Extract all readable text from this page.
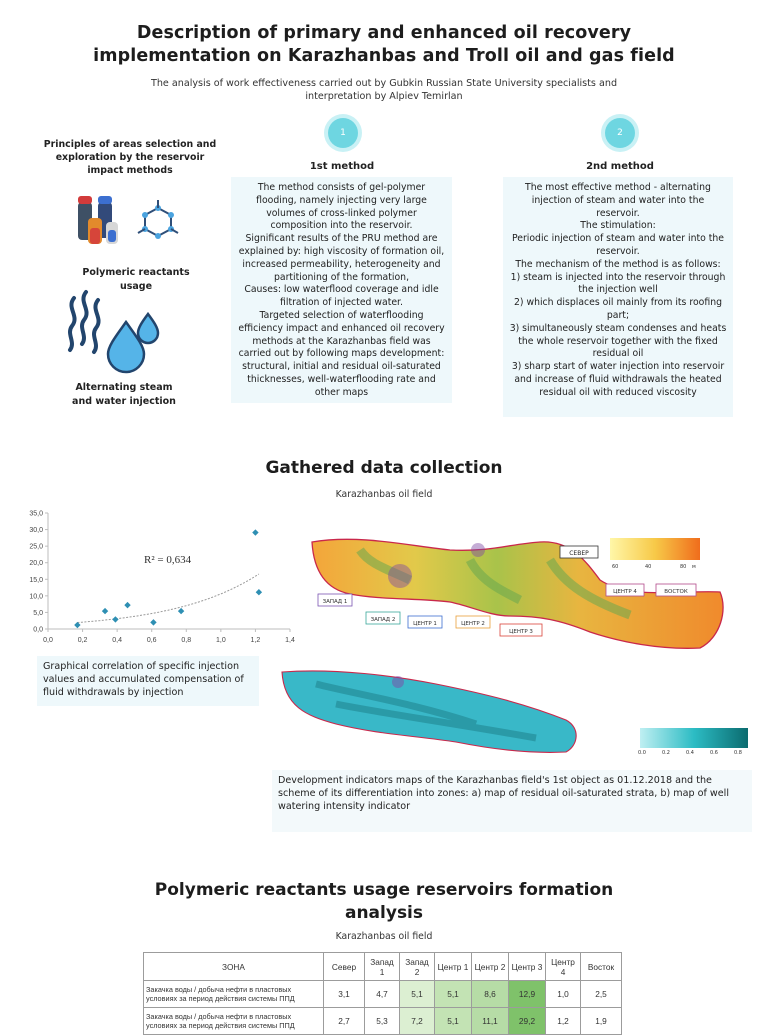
Description of primary and enhanced oil recovery
implementation on Karazhanbas and Troll oil and gas field
The analysis of work effectiveness carried out by Gubkin Russian State University specialists and
interpretation by Alpiev Temirlan
Principles of areas selection and exploration by the reservoir impact methods
Polymeric reactants usage
Alternating steam and water injection
1
1st method
The method consists of gel-polymer flooding, namely injecting very large volumes of cross-linked polymer composition into the reservoir.
Significant results of the PRU method are explained by: high viscosity of formation oil, increased permeability, heterogeneity and partitioning of the formation,
Causes: low waterflood coverage and idle filtration of injected water.
Targeted selection of waterflooding efficiency impact and enhanced oil recovery methods at the Karazhanbas field was carried out by following maps development: structural, initial and residual oil-saturated thicknesses, well-waterflooding rate and other maps
2
2nd method
The most effective method - alternating injection of steam and water into the reservoir.
The stimulation:
Periodic injection of steam and water into the reservoir.
The mechanism of the method is as follows:
1) steam is injected into the reservoir through the injection well
2) which displaces oil mainly from its roofing part;
3) simultaneously steam condenses and heats the whole reservoir together with the fixed residual oil
3) sharp start of water injection into reservoir and increase of fluid withdrawals the heated residual oil with reduced viscosity
Gathered data collection
Karazhanbas oil field
0,0
5,0
10,0
15,0
20,0
25,0
30,0
35,0
0,0	0,2	0,4	0,6	0,8	1,0	1,2	1,4
R² = 0,634
Graphical correlation of specific injection values and accumulated compensation of fluid withdrawals by injection
СЕВЕР
60	40	80 м
ЗАПАД 1
ЗАПАД 2
ЦЕНТР 1	ЦЕНТР 2
ЦЕНТР 3
ЦЕНТР 4	ВОСТОК
0.0	0.2	0.4	0.6	0.8
Development indicators maps of the Karazhanbas field's 1st object as 01.12.2018 and the scheme of its differentiation into zones: a) map of residual oil-saturated strata, b) map of well watering intensity indicator
Polymeric reactants usage reservoirs formation
analysis
Karazhanbas oil field
ЗОНА	Север	Запад 1	Запад 2	Центр 1	Центр 2	Центр 3	Центр 4	Восток
Закачка воды / добыча нефти в пластовых условиях за период действия системы ППД	3,1	4,7	5,1	5,1	8,6	12,9	1,0	2,5
Закачка воды / добыча нефти в пластовых условиях за период действия системы ППД	2,7	5,3	7,2	5,1	11,1	29,2	1,2	1,9
